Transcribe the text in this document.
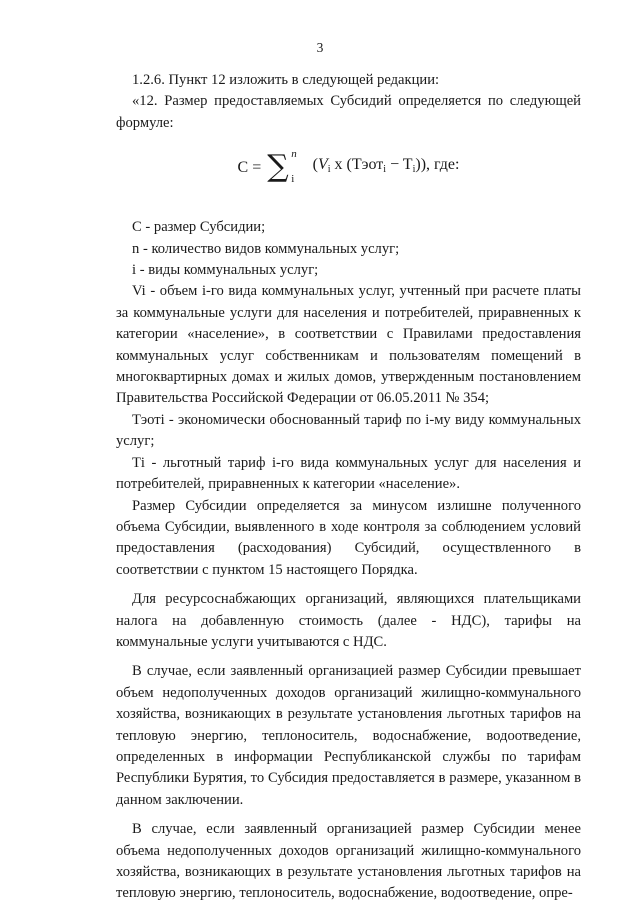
3

1.2.6. Пункт 12 изложить в следующей редакции:

«12. Размер предоставляемых Субсидий определяется по следующей формуле:

C = ∑ n
i
(Vi x (Тэотi − Ti)), где:

С - размер Субсидии;

n - количество видов коммунальных услуг;

i - виды коммунальных услуг;

Vi - объем i-го вида коммунальных услуг, учтенный при расчете платы за коммунальные услуги для населения и потребителей, приравненных к категории «население», в соответствии с Правилами предоставления коммунальных услуг собственникам и пользователям помещений в многоквартирных домах и жилых домов, утвержденным постановлением Правительства Российской Федерации от 06.05.2011 № 354;

Тэоті - экономически обоснованный тариф по і-му виду коммунальных услуг;

Ті - льготный тариф і-го вида коммунальных услуг для населения и потребителей, приравненных к категории «население».

Размер Субсидии определяется за минусом излишне полученного объема Субсидии, выявленного в ходе контроля за соблюдением условий предоставления (расходования) Субсидий, осуществленного в соответствии с пунктом 15 настоящего Порядка.

Для ресурсоснабжающих организаций, являющихся плательщиками налога на добавленную стоимость (далее - НДС), тарифы на коммунальные услуги учитываются с НДС.

В случае, если заявленный организацией размер Субсидии превышает объем недополученных доходов организаций жилищно-коммунального хозяйства, возникающих в результате установления льготных тарифов на тепловую энергию, теплоноситель, водоснабжение, водоотведение, определенных в информации Республиканской службы по тарифам Республики Бурятия, то Субсидия предоставляется в размере, указанном в данном заключении.

В случае, если заявленный организацией размер Субсидии менее объема недополученных доходов организаций жилищно-коммунального хозяйства, возникающих в результате установления льготных тарифов на тепловую энергию, теплоноситель, водоснабжение, водоотведение, опре-
